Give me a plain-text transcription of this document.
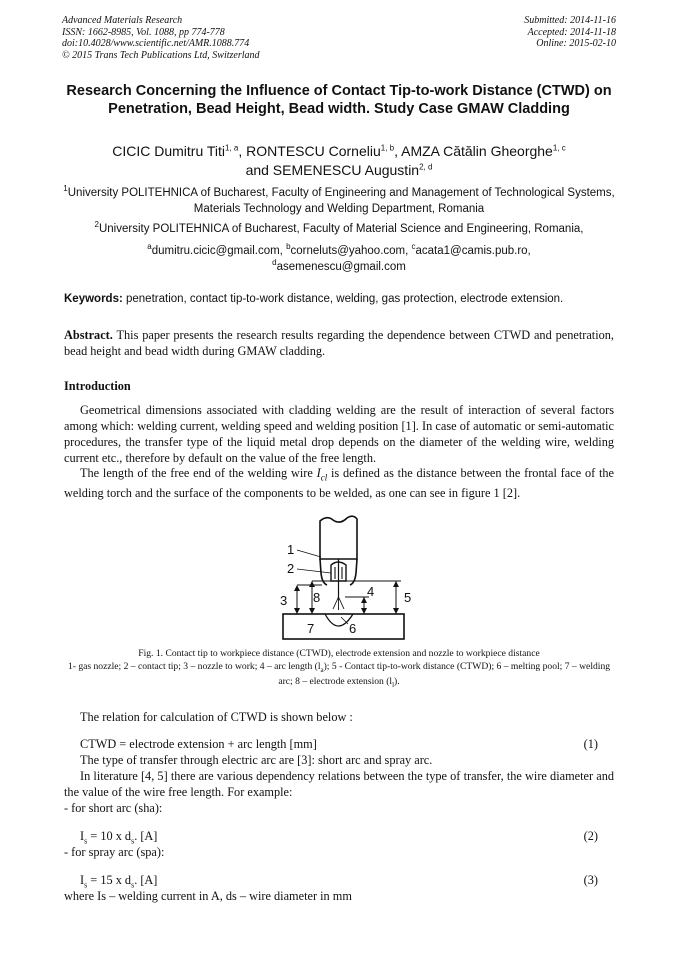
Advanced Materials Research
ISSN: 1662-8985, Vol. 1088, pp 774-778
doi:10.4028/www.scientific.net/AMR.1088.774
© 2015 Trans Tech Publications Ltd, Switzerland
Submitted: 2014-11-16
Accepted: 2014-11-18
Online: 2015-02-10
Research Concerning the Influence of Contact Tip-to-work Distance (CTWD) on Penetration, Bead Height, Bead width. Study Case GMAW Cladding
CICIC Dumitru Titi$^{1, a}$, RONTESCU Corneliu$^{1, b}$, AMZA Cătălin Gheorghe$^{1, c}$
and SEMENESCU Augustin$^{2, d}$
$^1$University POLITEHNICA of Bucharest, Faculty of Engineering and Management of Technological Systems, Materials Technology and Welding Department, Romania
$^2$University POLITEHNICA of Bucharest, Faculty of Material Science and Engineering, Romania,
$^a$dumitru.cicic@gmail.com, $^b$corneluts@yahoo.com, $^c$acata1@camis.pub.ro,
$^d$asemenescu@gmail.com
Keywords: penetration, contact tip-to-work distance, welding, gas protection, electrode extension.
Abstract. This paper presents the research results regarding the dependence between CTWD and penetration, bead height and bead width during GMAW cladding.
Introduction
Geometrical dimensions associated with cladding welding are the result of interaction of several factors among which: welding current, welding speed and welding position [1]. In case of automatic or semi-automatic procedures, the transfer type of the liquid metal drop depends on the diameter of the welding wire, welding current etc., therefore by default on the value of the free length.
The length of the free end of the welding wire $I_{cl}$ is defined as the distance between the frontal face of the welding torch and the surface of the components to be welded, as one can see in figure 1 [2].
1
2
3 8	4 5
7	6
Fig. 1. Contact tip to workpiece distance (CTWD), electrode extension and nozzle to workpiece distance
1- gas nozzle; 2 – contact tip; 3 – nozzle to work; 4 – arc length $(l_a)$; 5 - Contact tip-to-work distance (CTWD); 6 – melting pool; 7 – welding arc; 8 – electrode extension $(l_l)$.
The relation for calculation of CTWD is shown below :
CTWD = electrode extension + arc length [mm]	(1)
The type of transfer through electric arc are [3]: short arc and spray arc.
In literature [4, 5] there are various dependency relations between the type of transfer, the wire diameter and the value of the wire free length. For example:
- for short arc (sha):
$I_s = 10$ x $d_s$. [A]	(2)
- for spray arc (spa):
$I_s = 15$ x $d_s$. [A]	(3)
where Is – welding current in A, ds – wire diameter in mm
